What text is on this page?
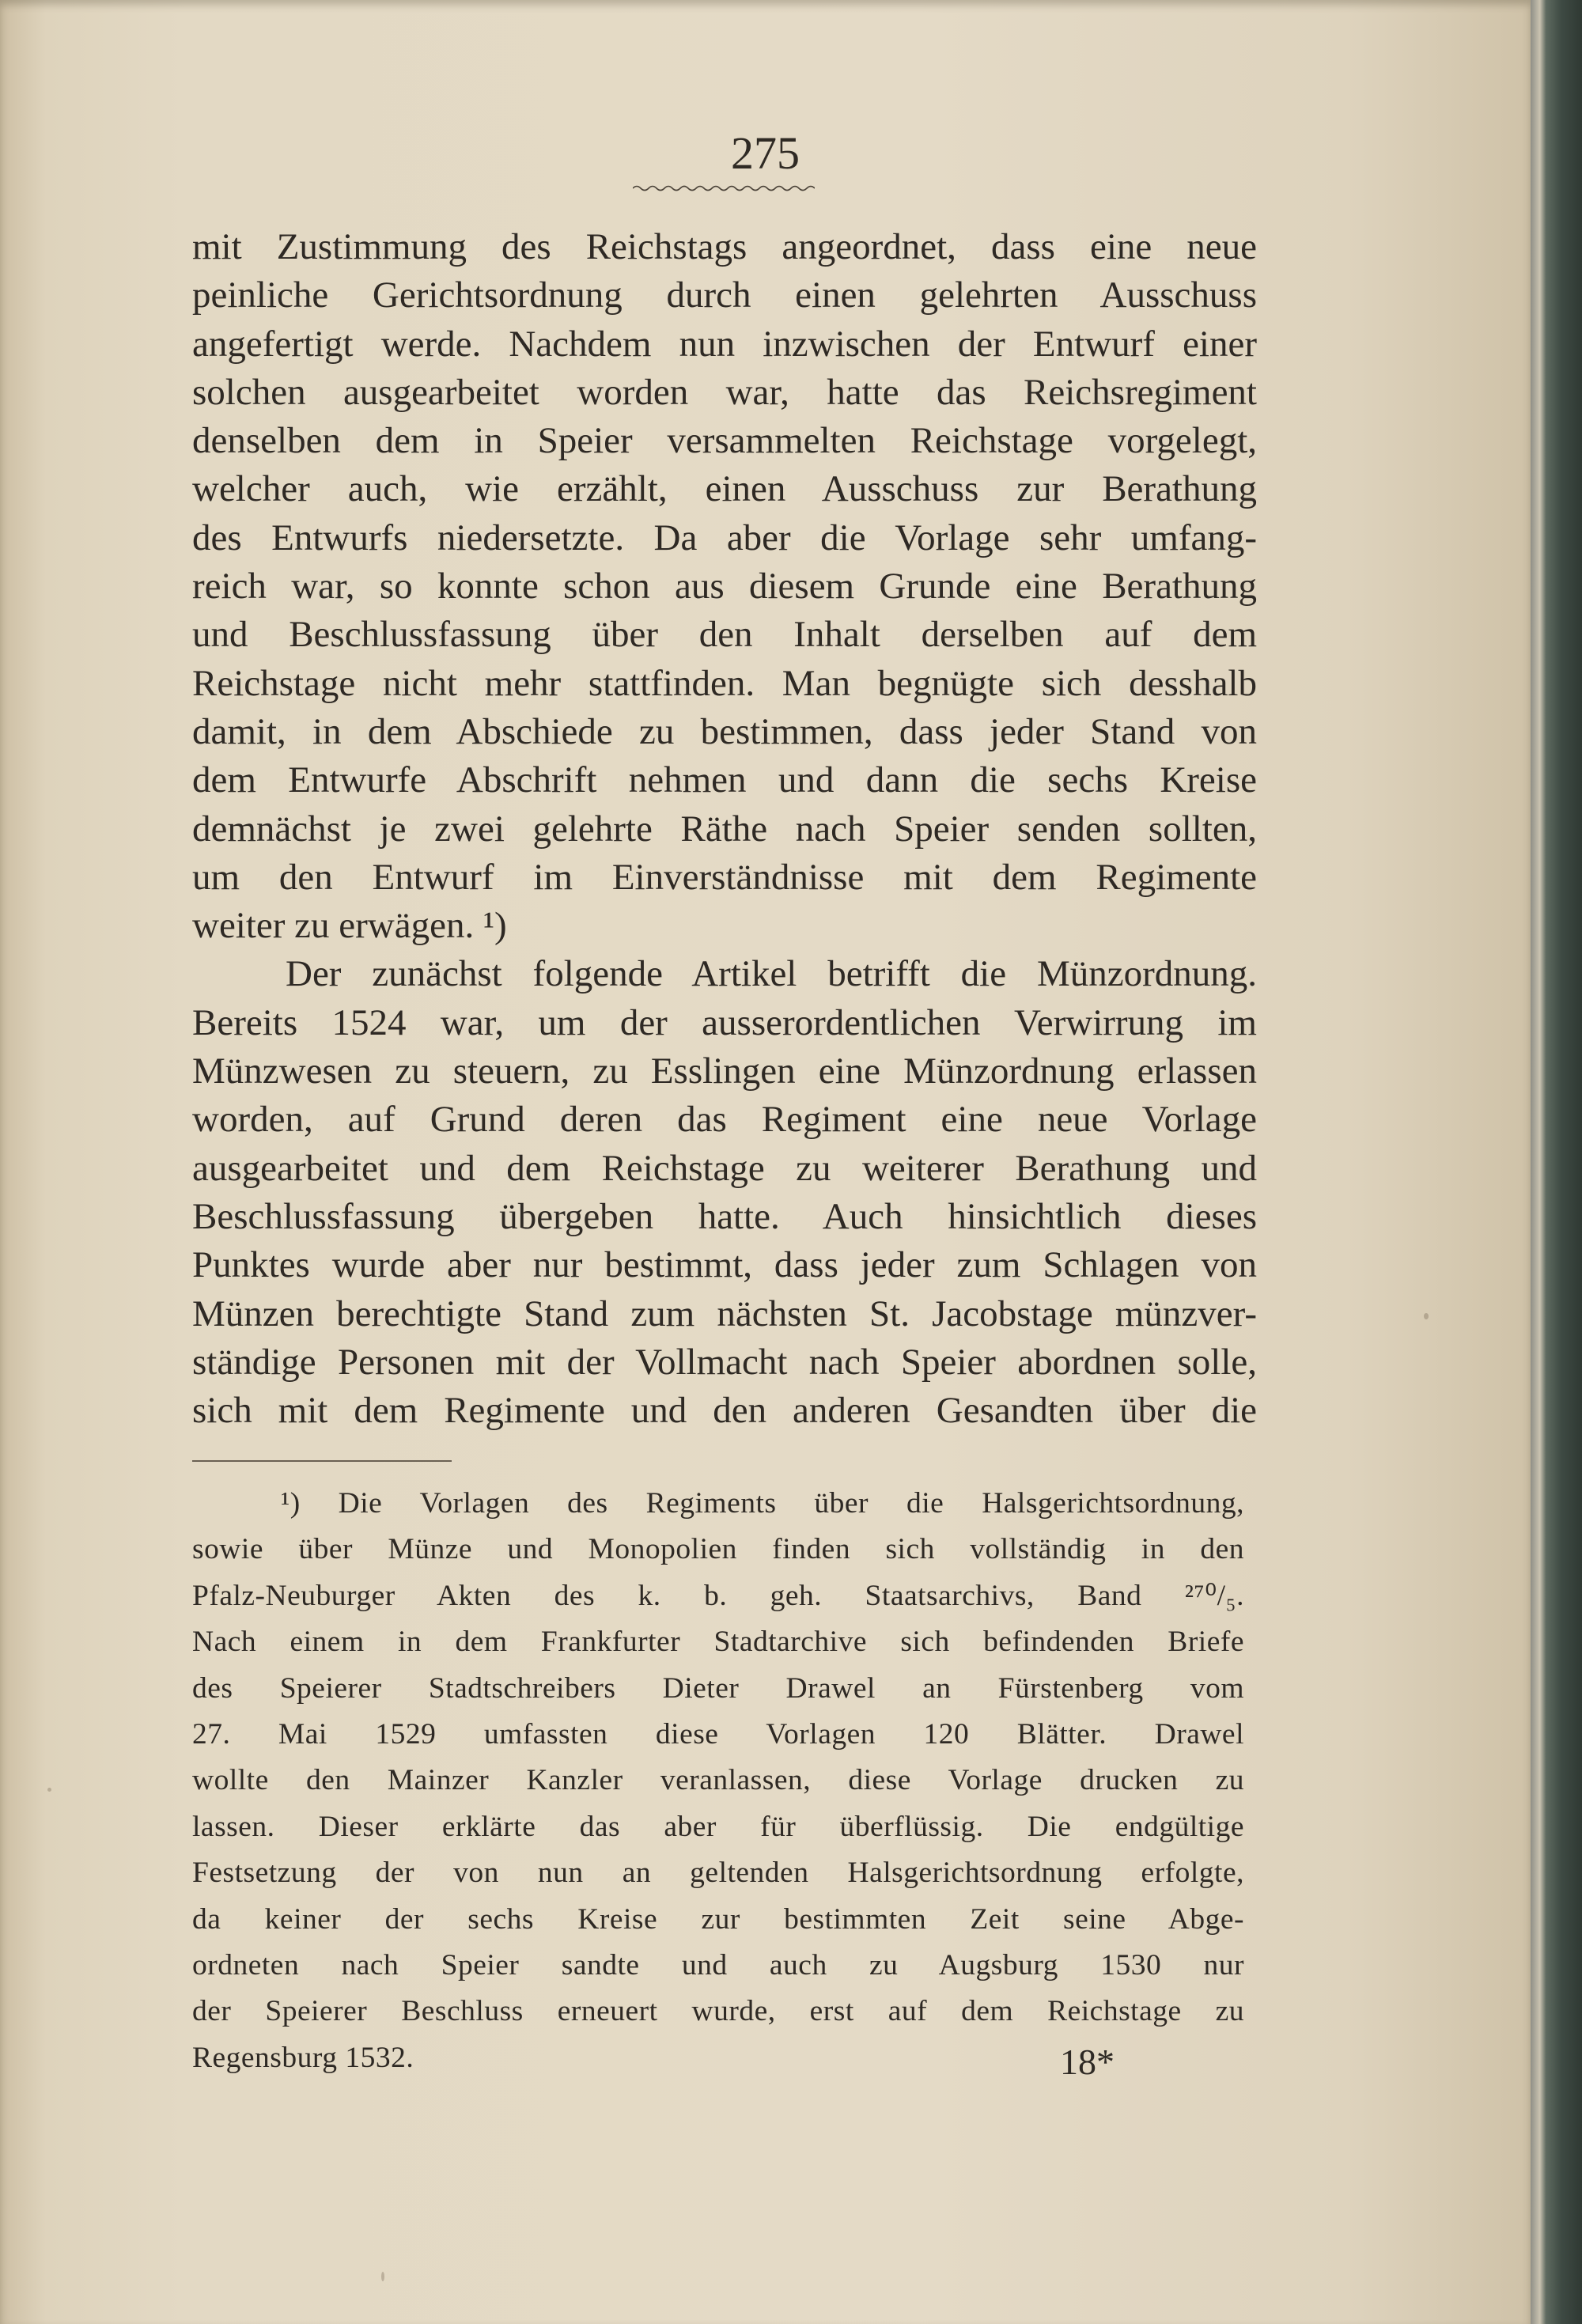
275
mit Zustimmung des Reichstags angeordnet, dass eine neue
peinliche Gerichtsordnung durch einen gelehrten Ausschuss
angefertigt werde. Nachdem nun inzwischen der Entwurf einer
solchen ausgearbeitet worden war, hatte das Reichsregiment
denselben dem in Speier versammelten Reichstage vorgelegt,
welcher auch, wie erzählt, einen Ausschuss zur Berathung
des Entwurfs niedersetzte. Da aber die Vorlage sehr umfang-
reich war, so konnte schon aus diesem Grunde eine Berathung
und Beschlussfassung über den Inhalt derselben auf dem
Reichstage nicht mehr stattfinden. Man begnügte sich desshalb
damit, in dem Abschiede zu bestimmen, dass jeder Stand von
dem Entwurfe Abschrift nehmen und dann die sechs Kreise
demnächst je zwei gelehrte Räthe nach Speier senden sollten,
um den Entwurf im Einverständnisse mit dem Regimente
weiter zu erwägen. ¹)
Der zunächst folgende Artikel betrifft die Münzordnung.
Bereits 1524 war, um der ausserordentlichen Verwirrung im
Münzwesen zu steuern, zu Esslingen eine Münzordnung erlassen
worden, auf Grund deren das Regiment eine neue Vorlage
ausgearbeitet und dem Reichstage zu weiterer Berathung und
Beschlussfassung übergeben hatte. Auch hinsichtlich dieses
Punktes wurde aber nur bestimmt, dass jeder zum Schlagen von
Münzen berechtigte Stand zum nächsten St. Jacobstage münzver-
ständige Personen mit der Vollmacht nach Speier abordnen solle,
sich mit dem Regimente und den anderen Gesandten über die
¹) Die Vorlagen des Regiments über die Halsgerichtsordnung,
sowie über Münze und Monopolien finden sich vollständig in den
Pfalz-Neuburger Akten des k. b. geh. Staatsarchivs, Band ²⁷⁰/₅.
Nach einem in dem Frankfurter Stadtarchive sich befindenden Briefe
des Speierer Stadtschreibers Dieter Drawel an Fürstenberg vom
27. Mai 1529 umfassten diese Vorlagen 120 Blätter. Drawel
wollte den Mainzer Kanzler veranlassen, diese Vorlage drucken zu
lassen. Dieser erklärte das aber für überflüssig. Die endgültige
Festsetzung der von nun an geltenden Halsgerichtsordnung erfolgte,
da keiner der sechs Kreise zur bestimmten Zeit seine Abge-
ordneten nach Speier sandte und auch zu Augsburg 1530 nur
der Speierer Beschluss erneuert wurde, erst auf dem Reichstage zu
Regensburg 1532.	18*
